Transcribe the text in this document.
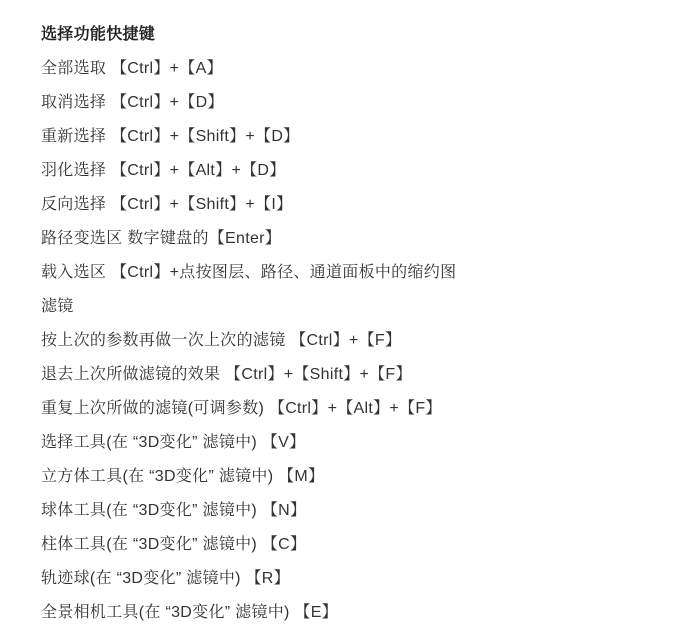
选择功能快捷键

全部选取 【Ctrl】+【A】

取消选择 【Ctrl】+【D】

重新选择 【Ctrl】+【Shift】+【D】

羽化选择 【Ctrl】+【Alt】+【D】

反向选择 【Ctrl】+【Shift】+【I】

路径变选区 数字键盘的【Enter】

载入选区 【Ctrl】+点按图层、路径、通道面板中的缩约图

滤镜

按上次的参数再做一次上次的滤镜 【Ctrl】+【F】

退去上次所做滤镜的效果 【Ctrl】+【Shift】+【F】

重复上次所做的滤镜(可调参数) 【Ctrl】+【Alt】+【F】

选择工具(在 “3D变化” 滤镜中) 【V】

立方体工具(在 “3D变化” 滤镜中) 【M】

球体工具(在 “3D变化” 滤镜中) 【N】

柱体工具(在 “3D变化” 滤镜中) 【C】

轨迹球(在 “3D变化” 滤镜中) 【R】

全景相机工具(在 “3D变化” 滤镜中) 【E】
